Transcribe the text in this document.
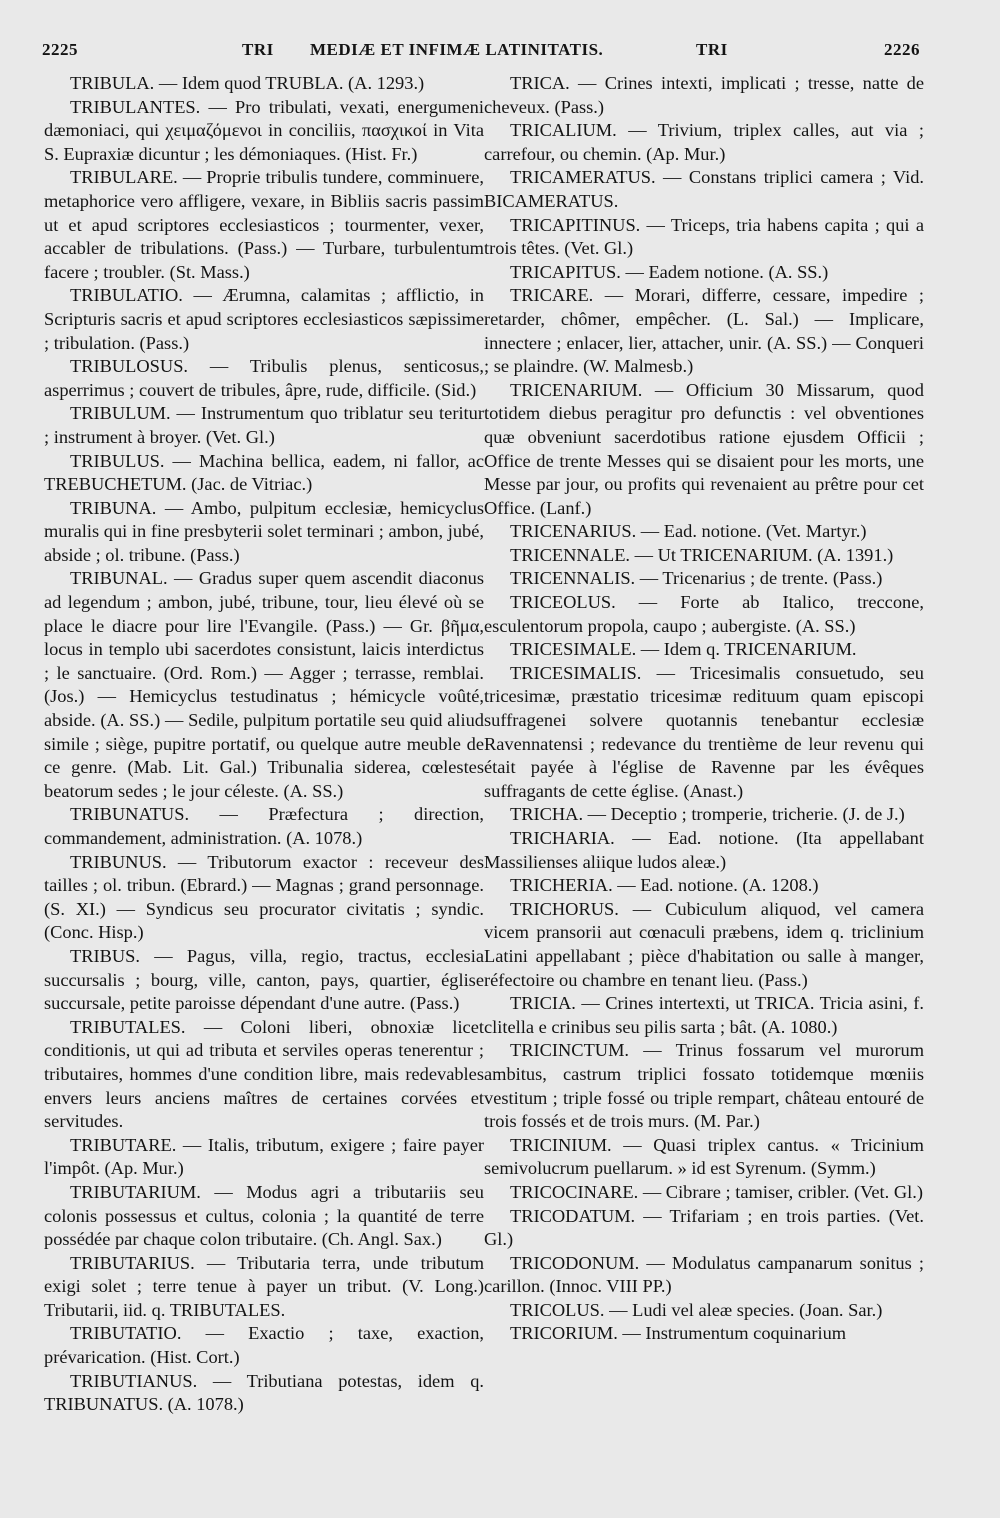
2225	TRI MEDIÆ ET INFIMÆ LATINITATIS.	TRI	2226

TRIBULA. — Idem quod TRUBLA. (A. 1293.)

TRIBULANTES. — Pro tribulati, vexati, energumeni dæmoniaci, qui χειμαζόμενοι in conciliis, πασχικοί in Vita S. Eupraxiæ dicuntur ; les démoniaques. (Hist. Fr.)

TRIBULARE. — Proprie tribulis tundere, comminuere, metaphorice vero affligere, vexare, in Bibliis sacris passim ut et apud scriptores ecclesiasticos ; tourmenter, vexer, accabler de tribulations. (Pass.) — Turbare, turbulentum facere ; troubler. (St. Mass.)

TRIBULATIO. — Ærumna, calamitas ; afflictio, in Scripturis sacris et apud scriptores ecclesiasticos sæpissime ; tribulation. (Pass.)

TRIBULOSUS. — Tribulis plenus, senticosus, asperrimus ; couvert de tribules, âpre, rude, difficile. (Sid.)

TRIBULUM. — Instrumentum quo triblatur seu teritur ; instrument à broyer. (Vet. Gl.)

TRIBULUS. — Machina bellica, eadem, ni fallor, ac TREBUCHETUM. (Jac. de Vitriac.)

TRIBUNA. — Ambo, pulpitum ecclesiæ, hemicyclus muralis qui in fine presbyterii solet terminari ; ambon, jubé, abside ; ol. tribune. (Pass.)

TRIBUNAL. — Gradus super quem ascendit diaconus ad legendum ; ambon, jubé, tribune, tour, lieu élevé où se place le diacre pour lire l'Evangile. (Pass.) — Gr. βῆμα, locus in templo ubi sacerdotes consistunt, laicis interdictus ; le sanctuaire. (Ord. Rom.) — Agger ; terrasse, remblai. (Jos.) — Hemicyclus testudinatus ; hémicycle voûté, abside. (A. SS.) — Sedile, pulpitum portatile seu quid aliud simile ; siège, pupitre portatif, ou quelque autre meuble de ce genre. (Mab. Lit. Gal.) Tribunalia siderea, cœlestes beatorum sedes ; le jour céleste. (A. SS.)

TRIBUNATUS. — Præfectura ; direction, commandement, administration. (A. 1078.)

TRIBUNUS. — Tributorum exactor : receveur des tailles ; ol. tribun. (Ebrard.) — Magnas ; grand personnage. (S. XI.) — Syndicus seu procurator civitatis ; syndic. (Conc. Hisp.)

TRIBUS. — Pagus, villa, regio, tractus, ecclesia succursalis ; bourg, ville, canton, pays, quartier, église succursale, petite paroisse dépendant d'une autre. (Pass.)

TRIBUTALES. — Coloni liberi, obnoxiæ licet conditionis, ut qui ad tributa et serviles operas tenerentur ; tributaires, hommes d'une condition libre, mais redevables envers leurs anciens maîtres de certaines corvées et servitudes.

TRIBUTARE. — Italis, tributum, exigere ; faire payer l'impôt. (Ap. Mur.)

TRIBUTARIUM. — Modus agri a tributariis seu colonis possessus et cultus, colonia ; la quantité de terre possédée par chaque colon tributaire. (Ch. Angl. Sax.)

TRIBUTARIUS. — Tributaria terra, unde tributum exigi solet ; terre tenue à payer un tribut. (V. Long.) Tributarii, iid. q. TRIBUTALES.

TRIBUTATIO. — Exactio ; taxe, exaction, prévarication. (Hist. Cort.)

TRIBUTIANUS. — Tributiana potestas, idem q. TRIBUNATUS. (A. 1078.)

TRICA. — Crines intexti, implicati ; tresse, natte de cheveux. (Pass.)

TRICALIUM. — Trivium, triplex calles, aut via ; carrefour, ou chemin. (Ap. Mur.)

TRICAMERATUS. — Constans triplici camera ; Vid. BICAMERATUS.

TRICAPITINUS. — Triceps, tria habens capita ; qui a trois têtes. (Vet. Gl.)

TRICAPITUS. — Eadem notione. (A. SS.)

TRICARE. — Morari, differre, cessare, impedire ; retarder, chômer, empêcher. (L. Sal.) — Implicare, innectere ; enlacer, lier, attacher, unir. (A. SS.) — Conqueri ; se plaindre. (W. Malmesb.)

TRICENARIUM. — Officium 30 Missarum, quod totidem diebus peragitur pro defunctis : vel obventiones quæ obveniunt sacerdotibus ratione ejusdem Officii ; Office de trente Messes qui se disaient pour les morts, une Messe par jour, ou profits qui revenaient au prêtre pour cet Office. (Lanf.)

TRICENARIUS. — Ead. notione. (Vet. Martyr.)

TRICENNALE. — Ut TRICENARIUM. (A. 1391.)

TRICENNALIS. — Tricenarius ; de trente. (Pass.)

TRICEOLUS. — Forte ab Italico, treccone, esculentorum propola, caupo ; aubergiste. (A. SS.)

TRICESIMALE. — Idem q. TRICENARIUM.

TRICESIMALIS. — Tricesimalis consuetudo, seu tricesimæ, præstatio tricesimæ redituum quam episcopi suffragenei solvere quotannis tenebantur ecclesiæ Ravennatensi ; redevance du trentième de leur revenu qui était payée à l'église de Ravenne par les évêques suffragants de cette église. (Anast.)

TRICHA. — Deceptio ; tromperie, tricherie. (J. de J.)

TRICHARIA. — Ead. notione. (Ita appellabant Massilienses aliique ludos aleæ.)

TRICHERIA. — Ead. notione. (A. 1208.)

TRICHORUS. — Cubiculum aliquod, vel camera vicem pransorii aut cœnaculi præbens, idem q. triclinium Latini appellabant ; pièce d'habitation ou salle à manger, réfectoire ou chambre en tenant lieu. (Pass.)

TRICIA. — Crines intertexti, ut TRICA. Tricia asini, f. clitella e crinibus seu pilis sarta ; bât. (A. 1080.)

TRICINCTUM. — Trinus fossarum vel murorum ambitus, castrum triplici fossato totidemque mœniis vestitum ; triple fossé ou triple rempart, château entouré de trois fossés et de trois murs. (M. Par.)

TRICINIUM. — Quasi triplex cantus. « Tricinium semivolucrum puellarum. » id est Syrenum. (Symm.)

TRICOCINARE. — Cibrare ; tamiser, cribler. (Vet. Gl.)

TRICODATUM. — Trifariam ; en trois parties. (Vet. Gl.)

TRICODONUM. — Modulatus campanarum sonitus ; carillon. (Innoc. VIII PP.)

TRICOLUS. — Ludi vel aleæ species. (Joan. Sar.)

TRICORIUM. — Instrumentum coquinarium
